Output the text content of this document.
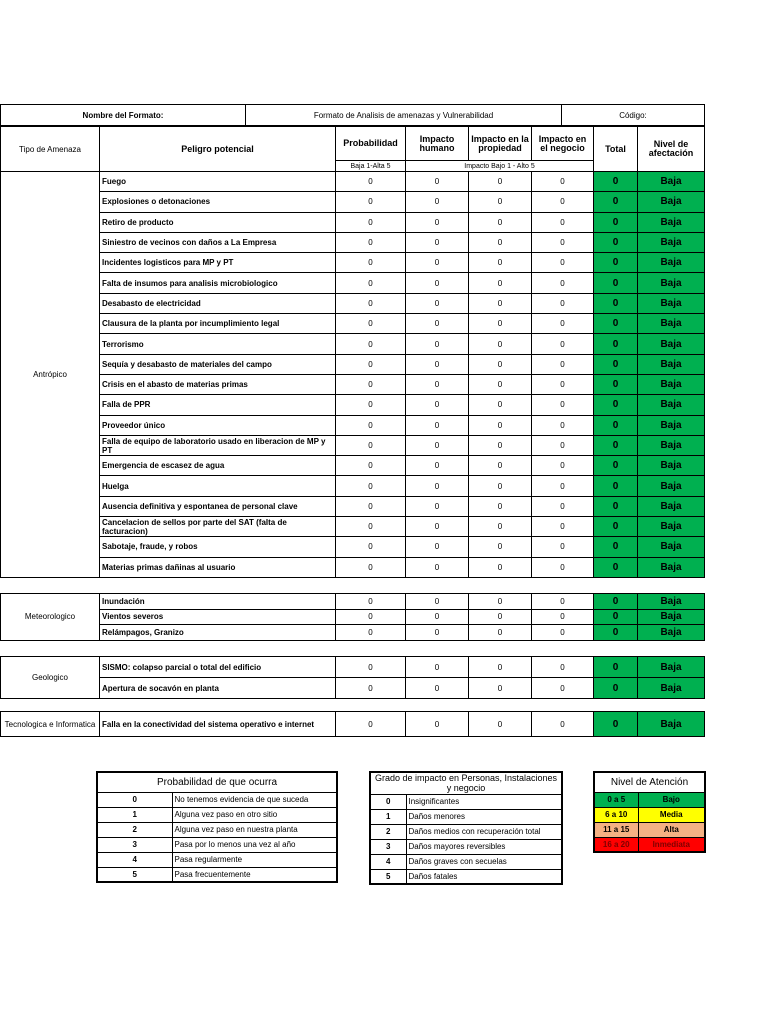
Nombre del Formato:	Formato de Analisis de amenazas y Vulnerabilidad	Código:
Tipo de Amenaza	Peligro potencial	Probabilidad	Impacto humano	Impacto en la propiedad	Impacto en el negocio	Total	Nivel de afectación
		Baja 1-Alta 5	Impacto Bajo 1 - Alto 5				
Antrópico	Fuego	0	0	0	0	0	Baja
	Explosiones o detonaciones	0	0	0	0	0	Baja
	Retiro de producto	0	0	0	0	0	Baja
	Siniestro de vecinos con daños a La Empresa	0	0	0	0	0	Baja
	Incidentes logisticos para MP y PT	0	0	0	0	0	Baja
	Falta de insumos para analisis microbiologico	0	0	0	0	0	Baja
	Desabasto de electricidad	0	0	0	0	0	Baja
	Clausura de la planta por incumplimiento legal	0	0	0	0	0	Baja
	Terrorismo	0	0	0	0	0	Baja
	Sequía y desabasto de materiales del campo	0	0	0	0	0	Baja
	Crisis en el abasto de materias primas	0	0	0	0	0	Baja
	Falla de PPR	0	0	0	0	0	Baja
	Proveedor único	0	0	0	0	0	Baja
	Falla de equipo de laboratorio usado en liberacion de MP y PT	0	0	0	0	0	Baja
	Emergencia de escasez de agua	0	0	0	0	0	Baja
	Huelga	0	0	0	0	0	Baja
	Ausencia definitiva y espontanea de personal clave	0	0	0	0	0	Baja
	Cancelacion de sellos por parte del SAT (falta de facturacion)	0	0	0	0	0	Baja
	Sabotaje, fraude, y robos	0	0	0	0	0	Baja
	Materias primas dañinas al usuario	0	0	0	0	0	Baja
Meteorologico	Inundación	0	0	0	0	0	Baja
	Vientos severos	0	0	0	0	0	Baja
	Relámpagos, Granizo	0	0	0	0	0	Baja
Geologico	SISMO: colapso parcial o total del edificio	0	0	0	0	0	Baja
	Apertura de socavón en planta	0	0	0	0	0	Baja
Tecnologica e Informatica	Falla en la conectividad del sistema operativo e internet	0	0	0	0	0	Baja
Probabilidad de que ocurra	
0	No tenemos evidencia de que suceda
1	Alguna vez paso en otro sitio
2	Alguna vez paso en nuestra planta
3	Pasa por lo menos una vez al año
4	Pasa regularmente
5	Pasa frecuentemente
Grado de impacto en Personas, Instalaciones y negocio	
0	Insignificantes
1	Daños menores
2	Daños medios con recuperación total
3	Daños mayores reversibles
4	Daños graves con secuelas
5	Daños fatales
Nivel de Atención	
0 a 5	Bajo
6 a 10	Media
11 a 15	Alta
16 a 20	Inmediata
